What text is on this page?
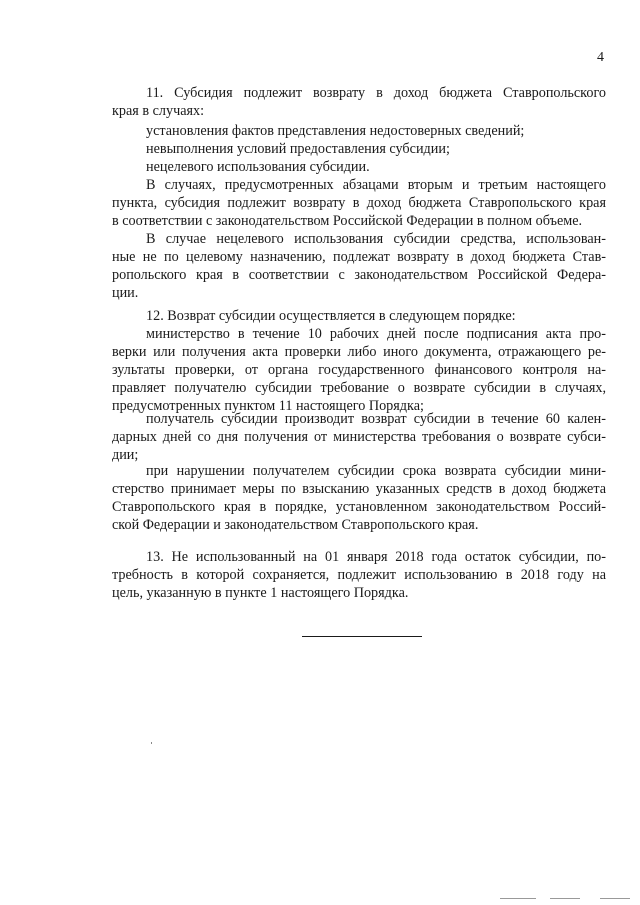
4
11. Субсидия подлежит возврату в доход бюджета Ставропольского
края в случаях:
установления фактов представления недостоверных сведений;
невыполнения условий предоставления субсидии;
нецелевого использования субсидии.
В случаях, предусмотренных абзацами вторым и третьим настоящего
пункта, субсидия подлежит возврату в доход бюджета Ставропольского края
в соответствии с законодательством Российской Федерации в полном объеме.
В случае нецелевого использования субсидии средства, использован-
ные не по целевому назначению, подлежат возврату в доход бюджета Став-
ропольского края в соответствии с законодательством Российской Федера-
ции.
12. Возврат субсидии осуществляется в следующем порядке:
министерство в течение 10 рабочих дней после подписания акта про-
верки или получения акта проверки либо иного документа, отражающего ре-
зультаты проверки, от органа государственного финансового контроля на-
правляет получателю субсидии требование о возврате субсидии в случаях,
предусмотренных пунктом 11 настоящего Порядка;
получатель субсидии производит возврат субсидии в течение 60 кален-
дарных дней со дня получения от министерства требования о возврате субси-
дии;
при нарушении получателем субсидии срока возврата субсидии мини-
стерство принимает меры по взысканию указанных средств в доход бюджета
Ставропольского края в порядке, установленном законодательством Россий-
ской Федерации и законодательством Ставропольского края.
13. Не использованный на 01 января 2018 года остаток субсидии, по-
требность в которой сохраняется, подлежит использованию в 2018 году на
цель, указанную в пункте 1 настоящего Порядка.
